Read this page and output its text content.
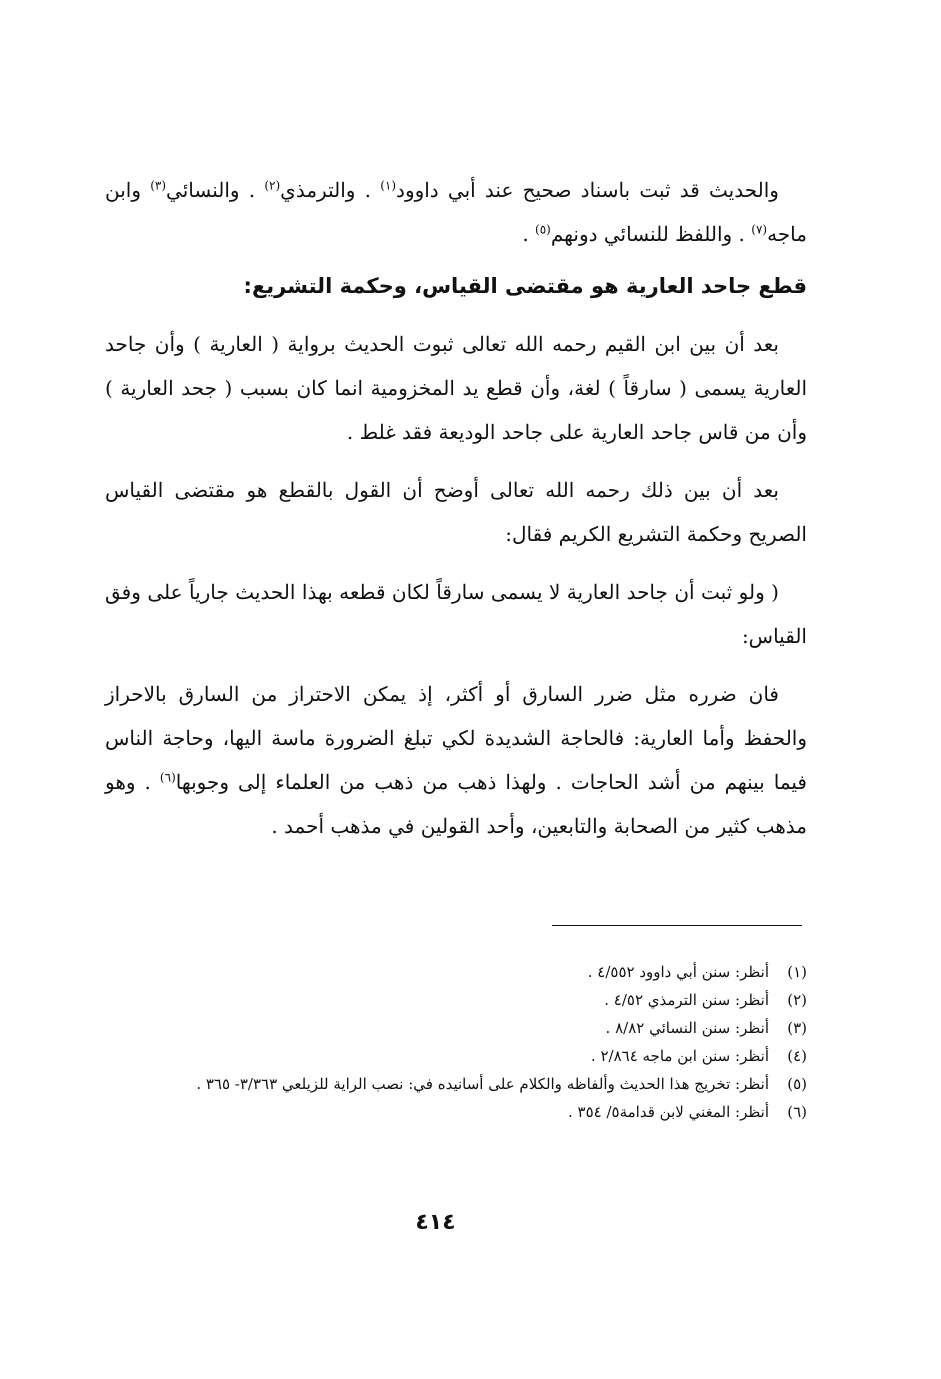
والحديث قد ثبت باسناد صحيح عند أبي داوود$^{(١)}$ . والترمذي$^{(٢)}$ . والنسائي$^{(٣)}$ وابن ماجه$^{(٧)}$ . واللفظ للنسائي دونهم$^{(٥)}$ .

قطع جاحد العارية هو مقتضى القياس، وحكمة التشريع:

بعد أن بين ابن القيم رحمه الله تعالى ثبوت الحديث برواية ( العارية ) وأن جاحد العارية يسمى ( سارقاً ) لغة، وأن قطع يد المخزومية انما كان بسبب ( جحد العارية ) وأن من قاس جاحد العارية على جاحد الوديعة فقد غلط .

بعد أن بين ذلك رحمه الله تعالى أوضح أن القول بالقطع هو مقتضى القياس الصريح وحكمة التشريع الكريم فقال:

( ولو ثبت أن جاحد العارية لا يسمى سارقاً لكان قطعه بهذا الحديث جارياً على وفق القياس:

فان ضرره مثل ضرر السارق أو أكثر، إذ يمكن الاحتراز من السارق بالاحراز والحفظ وأما العارية: فالحاجة الشديدة لكي تبلغ الضرورة ماسة اليها، وحاجة الناس فيما بينهم من أشد الحاجات . ولهذا ذهب من ذهب من العلماء إلى وجوبها$^{(٦)}$ . وهو مذهب كثير من الصحابة والتابعين، وأحد القولين في مذهب أحمد .

(١)
أنظر: سنن أبي داوود ٤/٥٥٢ .
(٢)
أنظر: سنن الترمذي ٤/٥٢ .
(٣)
أنظر: سنن النسائي ٨/٨٢ .
(٤)
أنظر: سنن ابن ماجه ٢/٨٦٤ .
(٥)
أنظر: تخريج هذا الحديث وألفاظه والكلام على أسانيده في: نصب الراية للزيلعي ٣/٣٦٣- ٣٦٥ .
(٦)
أنظر: المغني لابن قدامة٥/ ٣٥٤ .
٤١٤
